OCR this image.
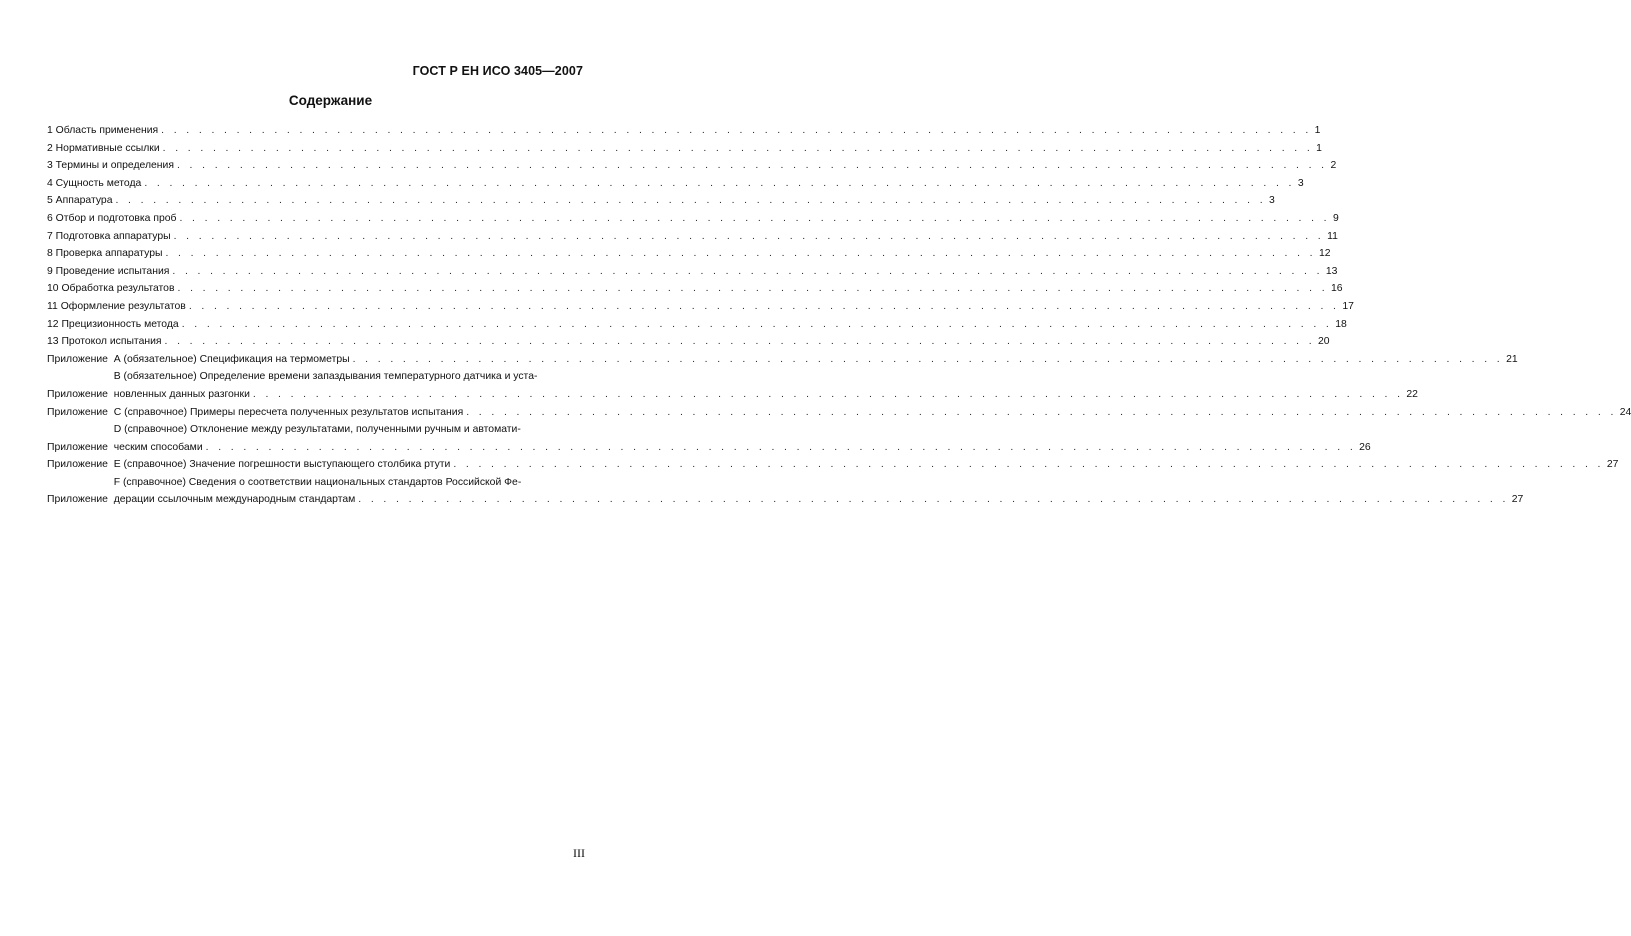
ГОСТ Р ЕН ИСО 3405—2007
Содержание
1 Область применения . . .	1
2 Нормативные ссылки . . .	1
3 Термины и определения . . .	2
4 Сущность метода . . .	3
5 Аппаратура . . .	3
6 Отбор и подготовка проб . . .	9
7 Подготовка аппаратуры . . .	11
8 Проверка аппаратуры . . .	12
9 Проведение испытания . . .	13
10 Обработка результатов . . .	16
11 Оформление результатов . . .	17
12 Прецизионность метода . . .	18
13 Протокол испытания . . .	20
Приложение А (обязательное) Спецификация на термометры . . .	21
Приложение
В (обязательное) Определение времени запаздывания температурного датчика и уста-
новленных данных разгонки . . .	22
Приложение С (справочное) Примеры пересчета полученных результатов испытания . . .	24
Приложение
D (справочное) Отклонение между результатами, полученными ручным и автомати-
ческим способами . . .	26
Приложение Е (справочное) Значение погрешности выступающего столбика ртути . . .	27
Приложение
F (справочное) Сведения о соответствии национальных стандартов Российской Фе-
дерации ссылочным международным стандартам . . .	27
III
